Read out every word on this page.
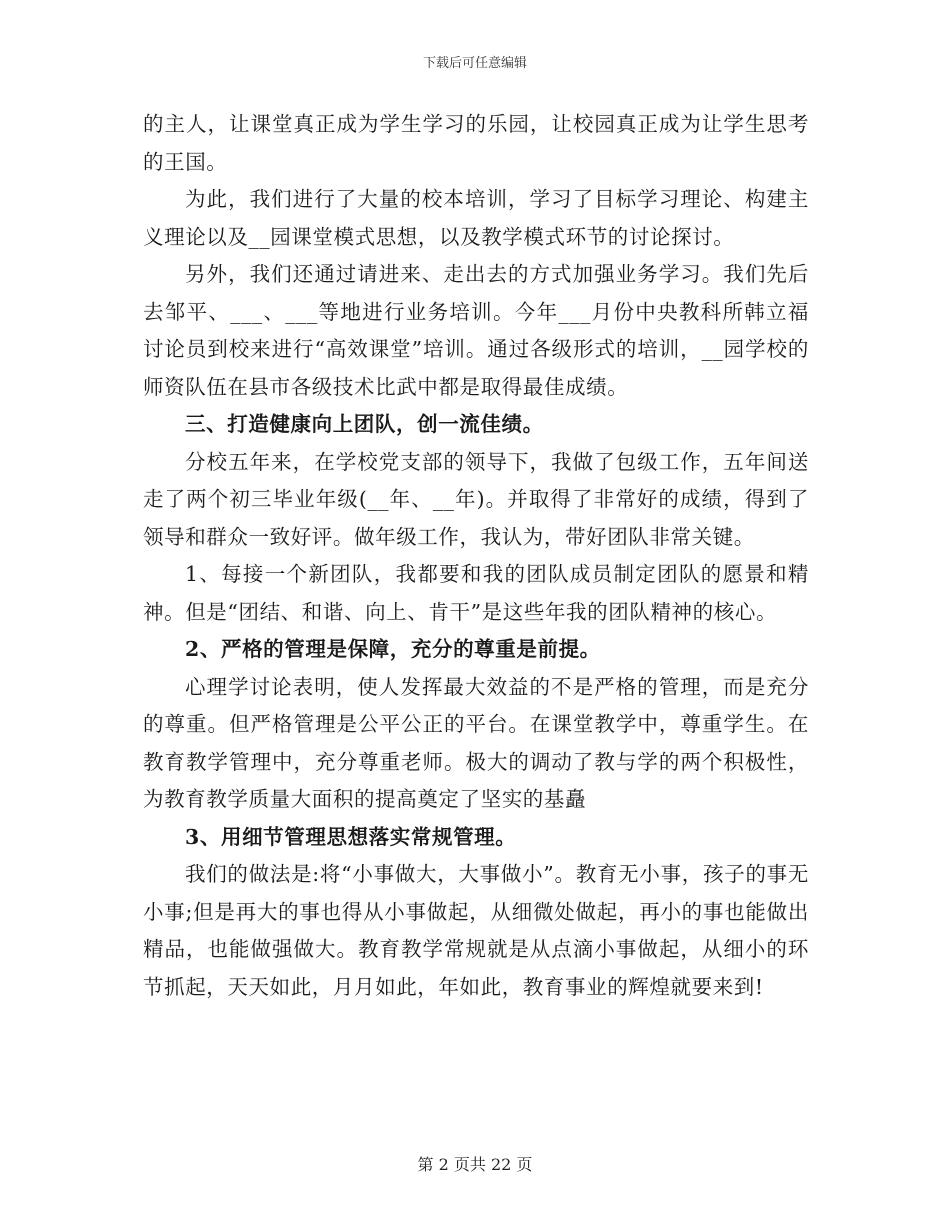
下载后可任意编辑

的主人，让课堂真正成为学生学习的乐园，让校园真正成为让学生思考的王国。

为此，我们进行了大量的校本培训，学习了目标学习理论、构建主义理论以及__园课堂模式思想，以及教学模式环节的讨论探讨。

另外，我们还通过请进来、走出去的方式加强业务学习。我们先后去邹平、___、___等地进行业务培训。今年___月份中央教科所韩立福讨论员到校来进行“高效课堂”培训。通过各级形式的培训，__园学校的师资队伍在县市各级技术比武中都是取得最佳成绩。

三、打造健康向上团队，创一流佳绩。

分校五年来，在学校党支部的领导下，我做了包级工作，五年间送走了两个初三毕业年级(__年、__年)。并取得了非常好的成绩，得到了领导和群众一致好评。做年级工作，我认为，带好团队非常关键。

1、每接一个新团队，我都要和我的团队成员制定团队的愿景和精神。但是“团结、和谐、向上、肯干”是这些年我的团队精神的核心。

2、严格的管理是保障，充分的尊重是前提。

心理学讨论表明，使人发挥最大效益的不是严格的管理，而是充分的尊重。但严格管理是公平公正的平台。在课堂教学中，尊重学生。在教育教学管理中，充分尊重老师。极大的调动了教与学的两个积极性，为教育教学质量大面积的提高奠定了坚实的基矗

3、用细节管理思想落实常规管理。

我们的做法是:将“小事做大，大事做小”。教育无小事，孩子的事无小事;但是再大的事也得从小事做起，从细微处做起，再小的事也能做出精品，也能做强做大。教育教学常规就是从点滴小事做起，从细小的环节抓起，天天如此，月月如此，年如此，教育事业的辉煌就要来到!

第 2 页共 22 页
